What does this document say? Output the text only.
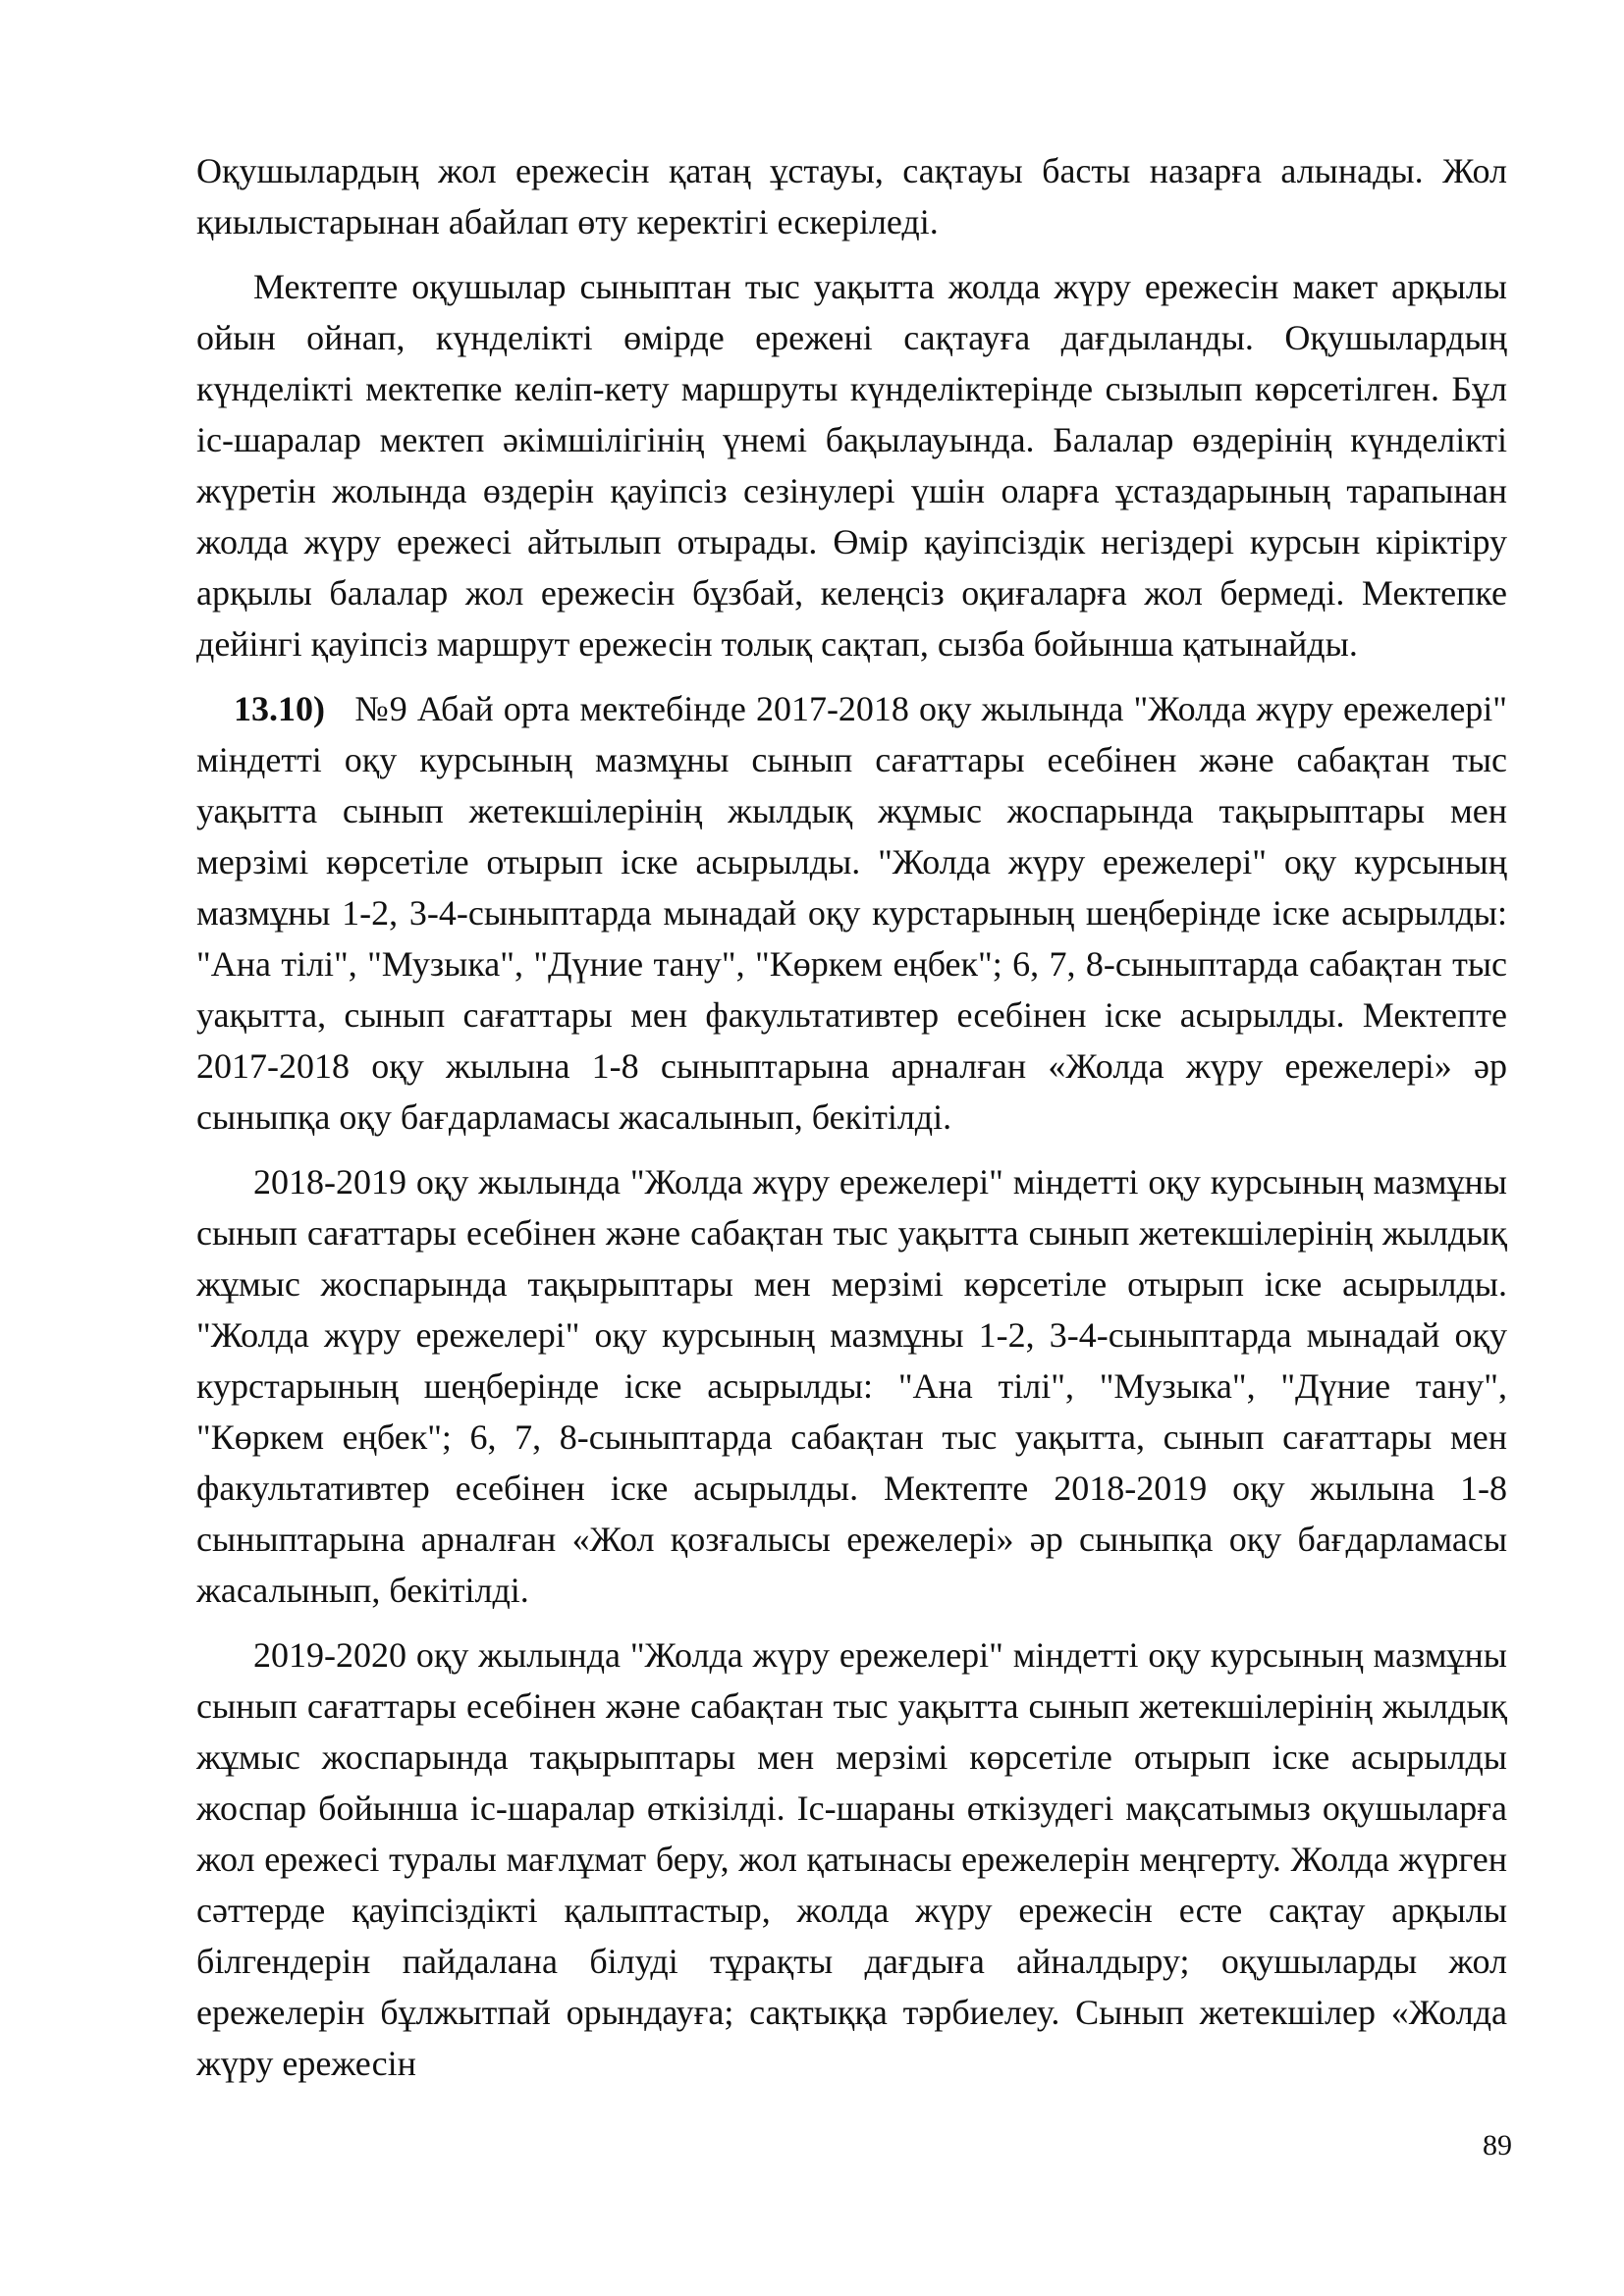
Оқушылардың жол ережесін қатаң ұстауы, сақтауы басты назарға алынады. Жол қиылыстарынан абайлап өту керектігі ескеріледі.

Мектепте оқушылар сыныптан тыс уақытта жолда жүру ережесін макет арқылы ойын ойнап, күнделікті өмірде ережені сақтауға дағдыланды. Оқушылардың күнделікті мектепке келіп-кету маршруты күнделіктерінде сызылып көрсетілген. Бұл іс-шаралар мектеп әкімшілігінің үнемі бақылауында. Балалар өздерінің күнделікті жүретін жолында өздерін қауіпсіз сезінулері үшін оларға ұстаздарының тарапынан жолда жүру ережесі айтылып отырады. Өмір қауіпсіздік негіздері курсын кіріктіру арқылы балалар жол ережесін бұзбай, келеңсіз оқиғаларға жол бермеді. Мектепке дейінгі қауіпсіз маршрут ережесін толық сақтап, сызба бойынша қатынайды.

13.10) №9 Абай орта мектебінде 2017-2018 оқу жылында "Жолда жүру ережелері" міндетті оқу курсының мазмұны сынып сағаттары есебінен және сабақтан тыс уақытта сынып жетекшілерінің жылдық жұмыс жоспарында тақырыптары мен мерзімі көрсетіле отырып іске асырылды. "Жолда жүру ережелері" оқу курсының мазмұны 1-2, 3-4-сыныптарда мынадай оқу курстарының шеңберінде іске асырылды: "Ана тілі", "Музыка", "Дүние тану", "Көркем еңбек"; 6, 7, 8-сыныптарда сабақтан тыс уақытта, сынып сағаттары мен факультативтер есебінен іске асырылды. Мектепте 2017-2018 оқу жылына 1-8 сыныптарына арналған «Жолда жүру ережелері» әр сыныпқа оқу бағдарламасы жасалынып, бекітілді.

2018-2019 оқу жылында "Жолда жүру ережелері" міндетті оқу курсының мазмұны сынып сағаттары есебінен және сабақтан тыс уақытта сынып жетекшілерінің жылдық жұмыс жоспарында тақырыптары мен мерзімі көрсетіле отырып іске асырылды. "Жолда жүру ережелері" оқу курсының мазмұны 1-2, 3-4-сыныптарда мынадай оқу курстарының шеңберінде іске асырылды: "Ана тілі", "Музыка", "Дүние тану", "Көркем еңбек"; 6, 7, 8-сыныптарда сабақтан тыс уақытта, сынып сағаттары мен факультативтер есебінен іске асырылды. Мектепте 2018-2019 оқу жылына 1-8 сыныптарына арналған «Жол қозғалысы ережелері» әр сыныпқа оқу бағдарламасы жасалынып, бекітілді.

2019-2020 оқу жылында "Жолда жүру ережелері" міндетті оқу курсының мазмұны сынып сағаттары есебінен және сабақтан тыс уақытта сынып жетекшілерінің жылдық жұмыс жоспарында тақырыптары мен мерзімі көрсетіле отырып іске асырылды жоспар бойынша іс-шаралар өткізілді. Іс-шараны өткізудегі мақсатымыз оқушыларға жол ережесі туралы мағлұмат беру, жол қатынасы ережелерін меңгерту. Жолда жүрген сәттерде қауіпсіздікті қалыптастыр, жолда жүру ережесін есте сақтау арқылы білгендерін пайдалана білуді тұрақты дағдыға айналдыру; оқушыларды жол ережелерін бұлжытпай орындауға; сақтыққа тәрбиелеу. Сынып жетекшілер «Жолда жүру ережесін

89
